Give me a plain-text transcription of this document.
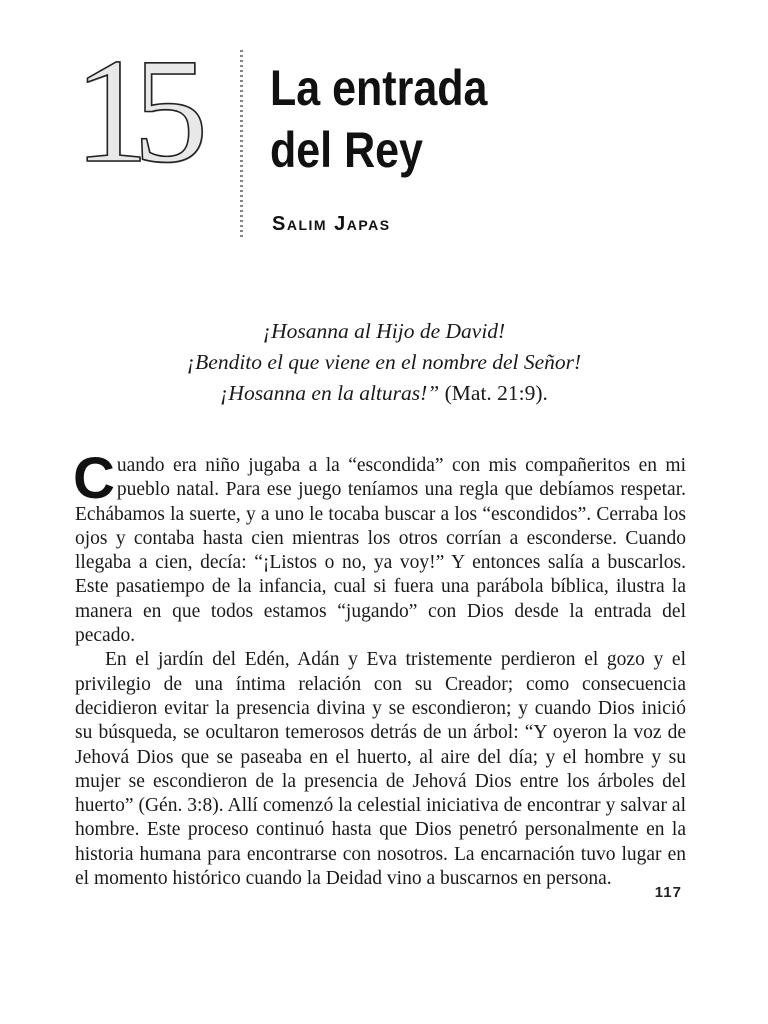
15 La entrada
del Rey
Salim Japas
¡Hosanna al Hijo de David!
¡Bendito el que viene en el nombre del Señor!
¡Hosanna en la alturas!” (Mat. 21:9).

Cuando era niño jugaba a la “escondida” con mis compañeritos en mi pueblo natal. Para ese juego teníamos una regla que debíamos respetar. Echábamos la suerte, y a uno le tocaba buscar a los “escondidos”. Cerraba los ojos y contaba hasta cien mientras los otros corrían a esconderse. Cuando llegaba a cien, decía: “¡Listos o no, ya voy!” Y entonces salía a buscarlos. Este pasatiempo de la infancia, cual si fuera una parábola bíblica, ilustra la manera en que todos estamos “jugando” con Dios desde la entrada del pecado.

En el jardín del Edén, Adán y Eva tristemente perdieron el gozo y el privilegio de una íntima relación con su Creador; como consecuencia decidieron evitar la presencia divina y se escondieron; y cuando Dios inició su búsqueda, se ocultaron temerosos detrás de un árbol: “Y oyeron la voz de Jehová Dios que se paseaba en el huerto, al aire del día; y el hombre y su mujer se escondieron de la presencia de Jehová Dios entre los árboles del huerto” (Gén. 3:8). Allí comenzó la celestial iniciativa de encontrar y salvar al hombre. Este proceso continuó hasta que Dios penetró personalmente en la historia humana para encontrarse con nosotros. La encarnación tuvo lugar en el momento histórico cuando la Deidad vino a buscarnos en persona.

117
